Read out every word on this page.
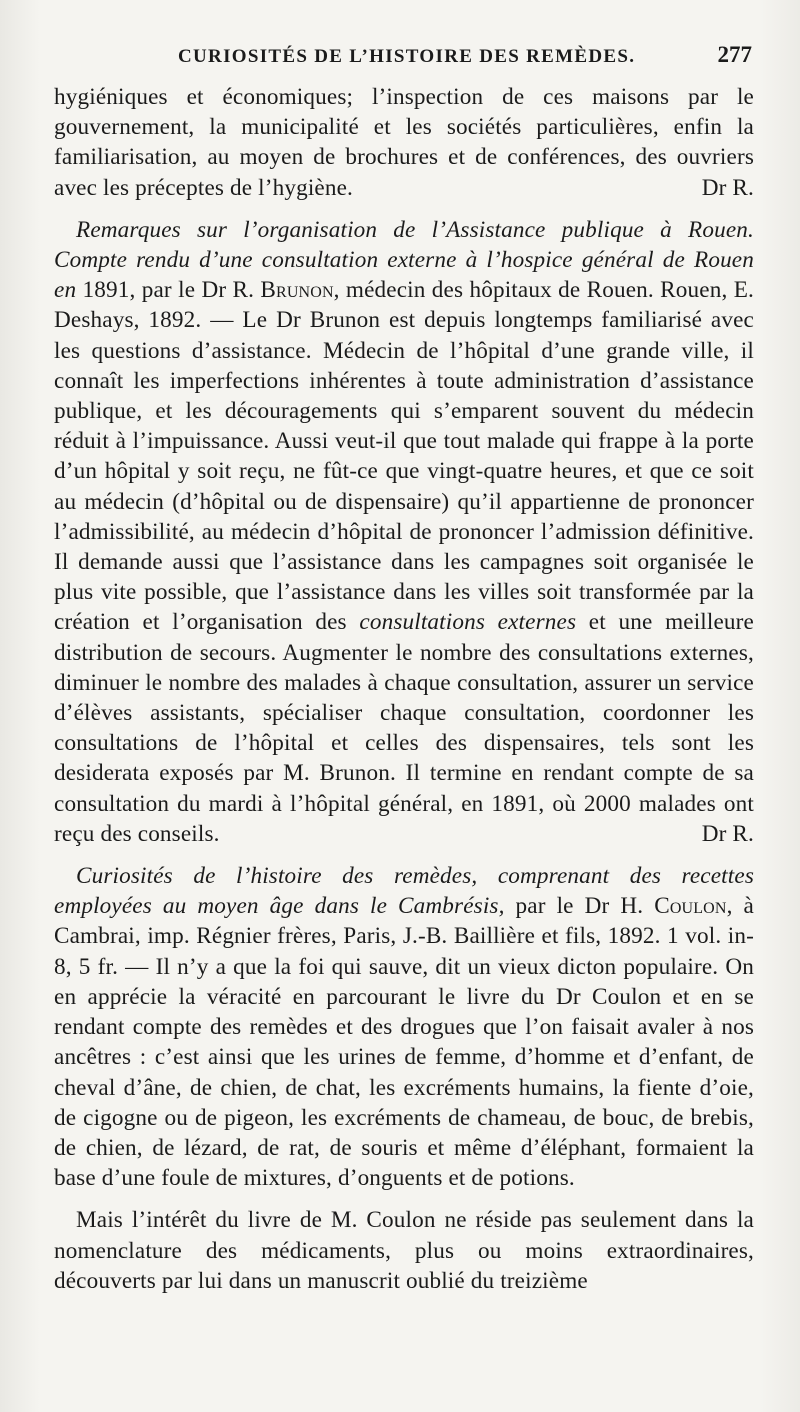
CURIOSITÉS DE L’HISTOIRE DES REMÈDES.	277

hygiéniques et économiques; l’inspection de ces maisons par le gouvernement, la municipalité et les sociétés particulières, enfin la familiarisation, au moyen de brochures et de conférences, des ouvriers avec les préceptes de l’hygiène.	Dr R.

Remarques sur l’organisation de l’Assistance publique à Rouen. Compte rendu d’une consultation externe à l’hospice général de Rouen en 1891, par le Dr R. Brunon, médecin des hôpitaux de Rouen. Rouen, E. Deshays, 1892. — Le Dr Brunon est depuis longtemps familiarisé avec les questions d’assistance. Médecin de l’hôpital d’une grande ville, il connaît les imperfections inhérentes à toute administration d’assistance publique, et les découragements qui s’emparent souvent du médecin réduit à l’impuissance. Aussi veut-il que tout malade qui frappe à la porte d’un hôpital y soit reçu, ne fût-ce que vingt-quatre heures, et que ce soit au médecin (d’hôpital ou de dispensaire) qu’il appartienne de prononcer l’admissibilité, au médecin d’hôpital de prononcer l’admission définitive. Il demande aussi que l’assistance dans les campagnes soit organisée le plus vite possible, que l’assistance dans les villes soit transformée par la création et l’organisation des consultations externes et une meilleure distribution de secours. Augmenter le nombre des consultations externes, diminuer le nombre des malades à chaque consultation, assurer un service d’élèves assistants, spécialiser chaque consultation, coordonner les consultations de l’hôpital et celles des dispensaires, tels sont les desiderata exposés par M. Brunon. Il termine en rendant compte de sa consultation du mardi à l’hôpital général, en 1891, où 2000 malades ont reçu des conseils.	Dr R.

Curiosités de l’histoire des remèdes, comprenant des recettes employées au moyen âge dans le Cambrésis, par le Dr H. Coulon, à Cambrai, imp. Régnier frères, Paris, J.-B. Baillière et fils, 1892. 1 vol. in-8, 5 fr. — Il n’y a que la foi qui sauve, dit un vieux dicton populaire. On en apprécie la véracité en parcourant le livre du Dr Coulon et en se rendant compte des remèdes et des drogues que l’on faisait avaler à nos ancêtres : c’est ainsi que les urines de femme, d’homme et d’enfant, de cheval d’âne, de chien, de chat, les excréments humains, la fiente d’oie, de cigogne ou de pigeon, les excréments de chameau, de bouc, de brebis, de chien, de lézard, de rat, de souris et même d’éléphant, formaient la base d’une foule de mixtures, d’onguents et de potions.

Mais l’intérêt du livre de M. Coulon ne réside pas seulement dans la nomenclature des médicaments, plus ou moins extraordinaires, découverts par lui dans un manuscrit oublié du treizième
